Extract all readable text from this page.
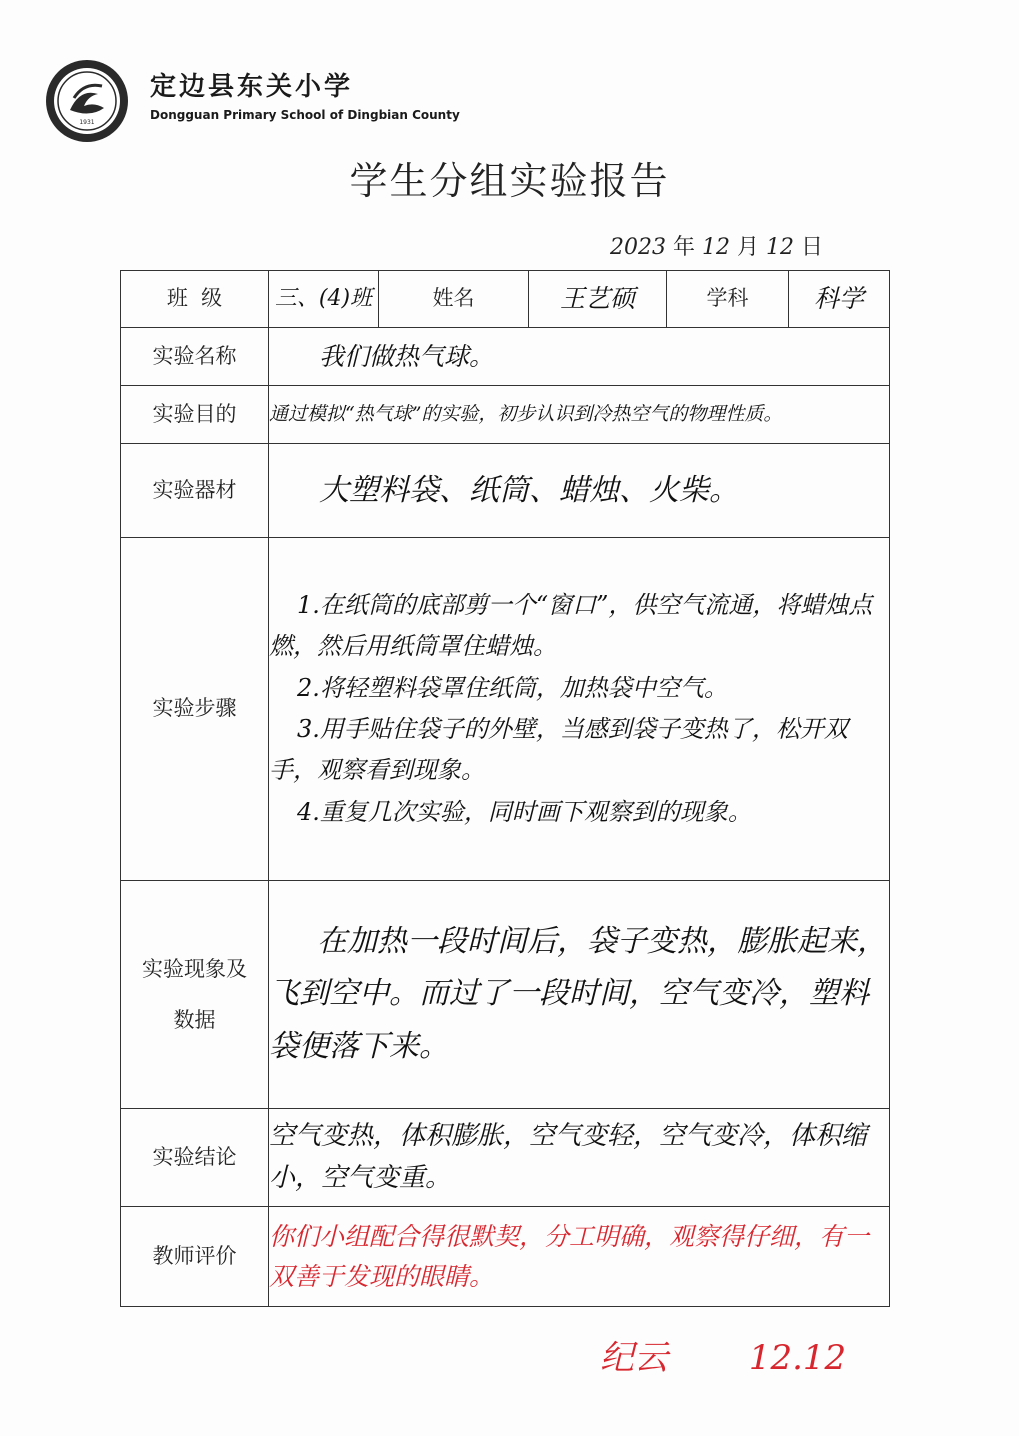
1931
定边县东关小学
Dongguan Primary School of Dingbian County
学生分组实验报告
2023 年 12 月 12 日
班  级	三、(4)班	姓名	王艺硕	学科	科学
实验名称	我们做热气球。				
实验目的	通过模拟“热气球”的实验，初步认识到冷热空气的物理性质。				
实验器材	大塑料袋、纸筒、蜡烛、火柴。				
实验步骤	1.在纸筒的底部剪一个“窗口”，供空气流通，将蜡烛点燃，然后用纸筒罩住蜡烛。
2.将轻塑料袋罩住纸筒，加热袋中空气。
3.用手贴住袋子的外壁，当感到袋子变热了，松开双手，观察看到现象。
4.重复几次实验，同时画下观察到的现象。				

实验现象及
数据	在加热一段时间后，袋子变热，膨胀起来，飞到空中。而过了一段时间，空气变冷，塑料袋便落下来。				
实验结论	空气变热，体积膨胀，空气变轻，空气变冷，体积缩小，空气变重。				
教师评价	你们小组配合得很默契，分工明确，观察得仔细，有一双善于发现的眼睛。				
纪云 12.12
